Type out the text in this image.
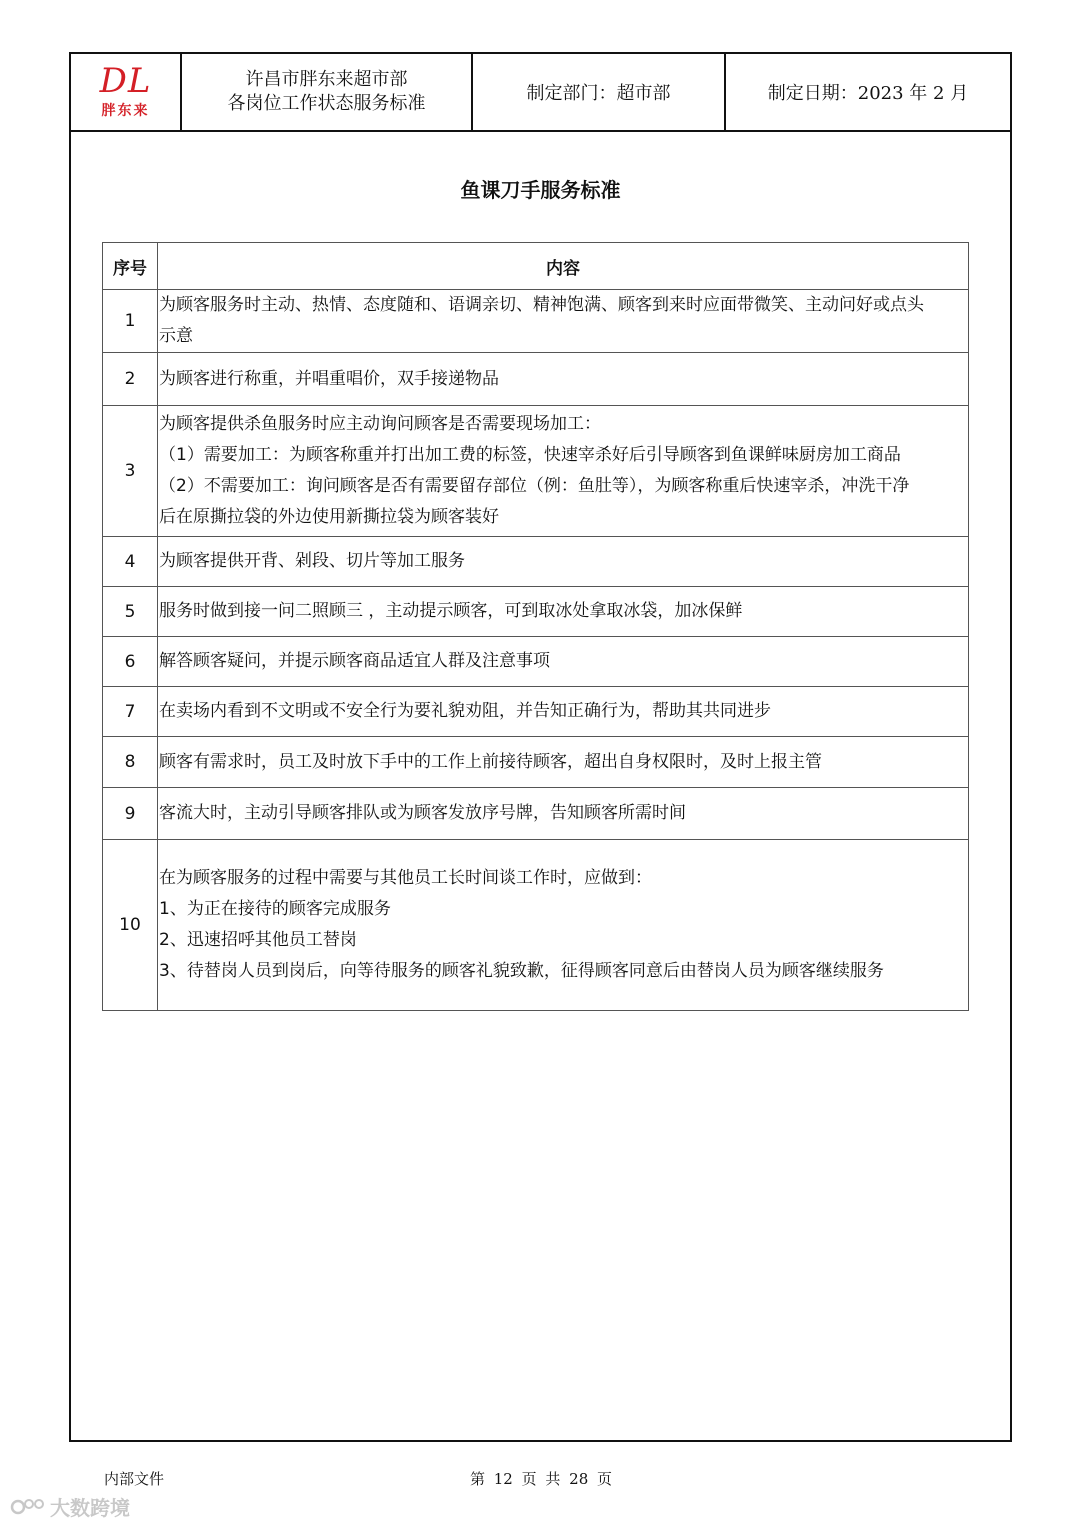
DL
胖东来
许昌市胖东来超市部
各岗位工作状态服务标准	制定部门：超市部	制定日期：2023 年 2 月
鱼课刀手服务标准
序号	内容
1	为顾客服务时主动、热情、态度随和、语调亲切、精神饱满、顾客到来时应面带微笑、主动问好或点头
示意

2	为顾客进行称重，并唱重唱价，双手接递物品

3	为顾客提供杀鱼服务时应主动询问顾客是否需要现场加工：
（1）需要加工：为顾客称重并打出加工费的标签，快速宰杀好后引导顾客到鱼课鲜味厨房加工商品
（2）不需要加工：询问顾客是否有需要留存部位（例：鱼肚等），为顾客称重后快速宰杀，冲洗干净
后在原撕拉袋的外边使用新撕拉袋为顾客装好

4	为顾客提供开背、剁段、切片等加工服务

5	服务时做到接一问二照顾三 ，主动提示顾客，可到取冰处拿取冰袋，加冰保鲜

6	解答顾客疑问，并提示顾客商品适宜人群及注意事项

7	在卖场内看到不文明或不安全行为要礼貌劝阻，并告知正确行为，帮助其共同进步

8	顾客有需求时，员工及时放下手中的工作上前接待顾客，超出自身权限时，及时上报主管

9	客流大时，主动引导顾客排队或为顾客发放序号牌，告知顾客所需时间

10	在为顾客服务的过程中需要与其他员工长时间谈工作时，应做到：
1、为正在接待的顾客完成服务
2、迅速招呼其他员工替岗
3、待替岗人员到岗后，向等待服务的顾客礼貌致歉，征得顾客同意后由替岗人员为顾客继续服务
内部文件	第 12 页 共 28 页
大数跨境
